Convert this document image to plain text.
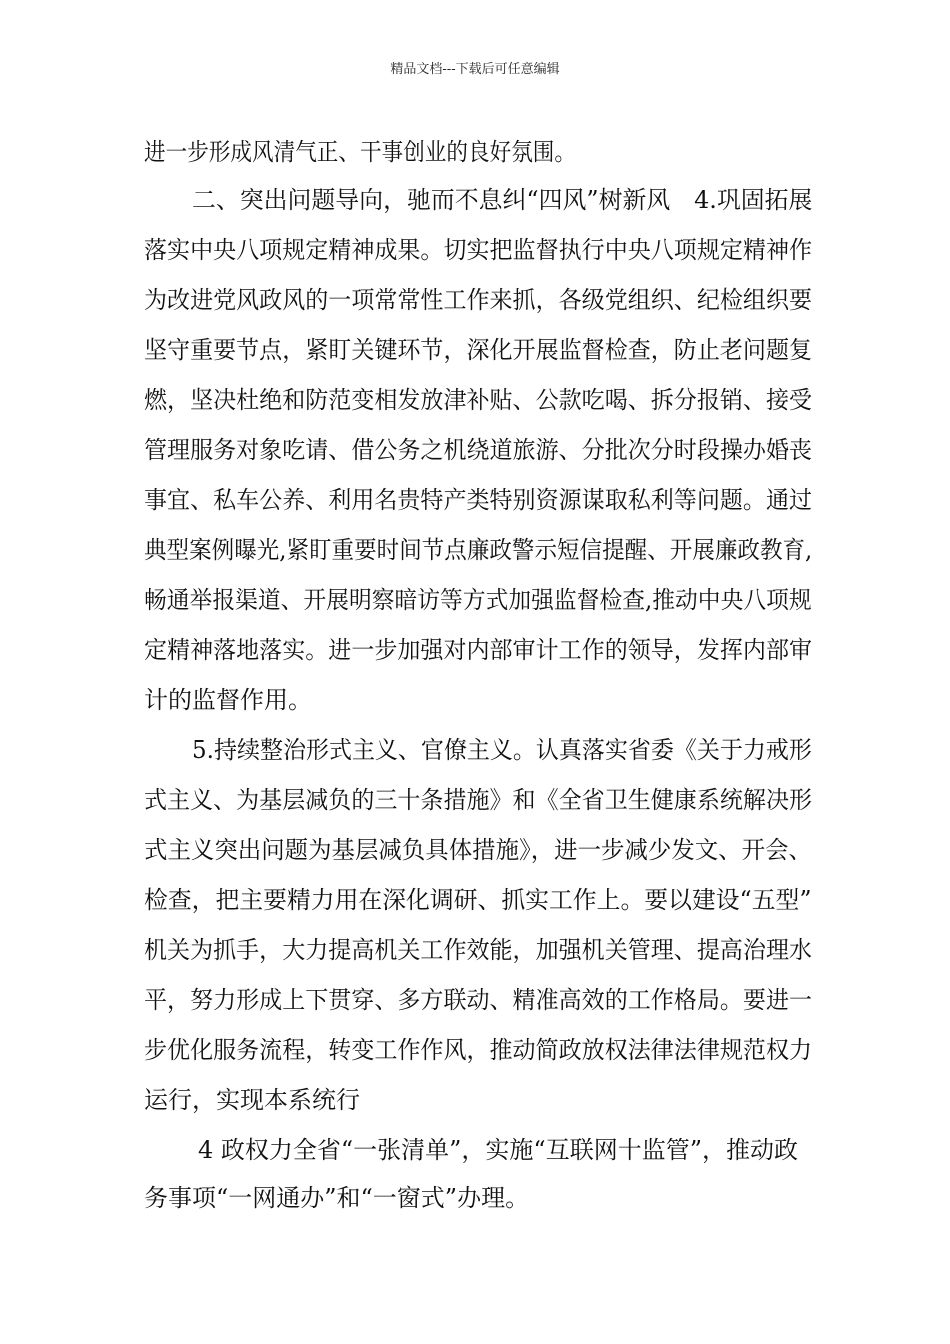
精品文档---下载后可任意编辑
进一步形成风清气正、干事创业的良好氛围。
二、突出问题导向，驰而不息纠“四风”树新风　4.巩固拓展
落实中央八项规定精神成果。切实把监督执行中央八项规定精神作
为改进党风政风的一项常常性工作来抓，各级党组织、纪检组织要
坚守重要节点，紧盯关键环节，深化开展监督检查，防止老问题复
燃，坚决杜绝和防范变相发放津补贴、公款吃喝、拆分报销、接受
管理服务对象吃请、借公务之机绕道旅游、分批次分时段操办婚丧
事宜、私车公养、利用名贵特产类特别资源谋取私利等问题。通过
典型案例曝光,紧盯重要时间节点廉政警示短信提醒、开展廉政教育,
畅通举报渠道、开展明察暗访等方式加强监督检查,推动中央八项规
定精神落地落实。进一步加强对内部审计工作的领导，发挥内部审
计的监督作用。
5.持续整治形式主义、官僚主义。认真落实省委《关于力戒形
式主义、为基层减负的三十条措施》和《全省卫生健康系统解决形
式主义突出问题为基层减负具体措施》，进一步减少发文、开会、
检查，把主要精力用在深化调研、抓实工作上。要以建设“五型”
机关为抓手，大力提高机关工作效能，加强机关管理、提高治理水
平，努力形成上下贯穿、多方联动、精准高效的工作格局。要进一
步优化服务流程，转变工作作风，推动简政放权法律法律规范权力
运行，实现本系统行
4 政权力全省“一张清单”，实施“互联网十监管”，推动政
务事项“一网通办”和“一窗式”办理。
